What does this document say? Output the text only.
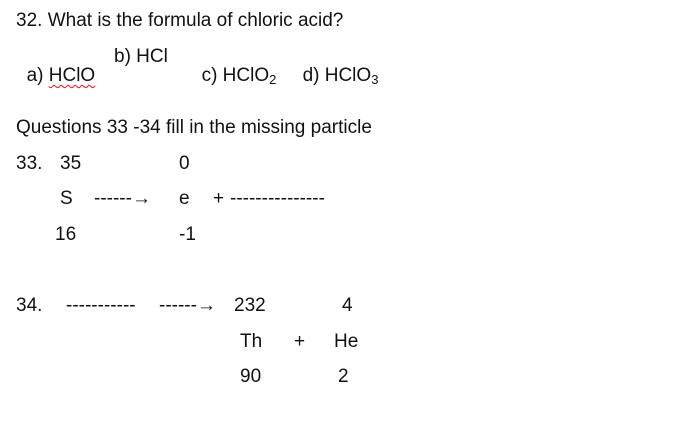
32. What is the formula of chloric acid?

a) HClO

b) HCl

c) HClO2	d) HClO3

Questions 33 -34 fill in the missing particle
33. 35	0
S ------→ e + ---------------
16	-1
34. ----------- ------→ 232	4
Th + He
90	2
